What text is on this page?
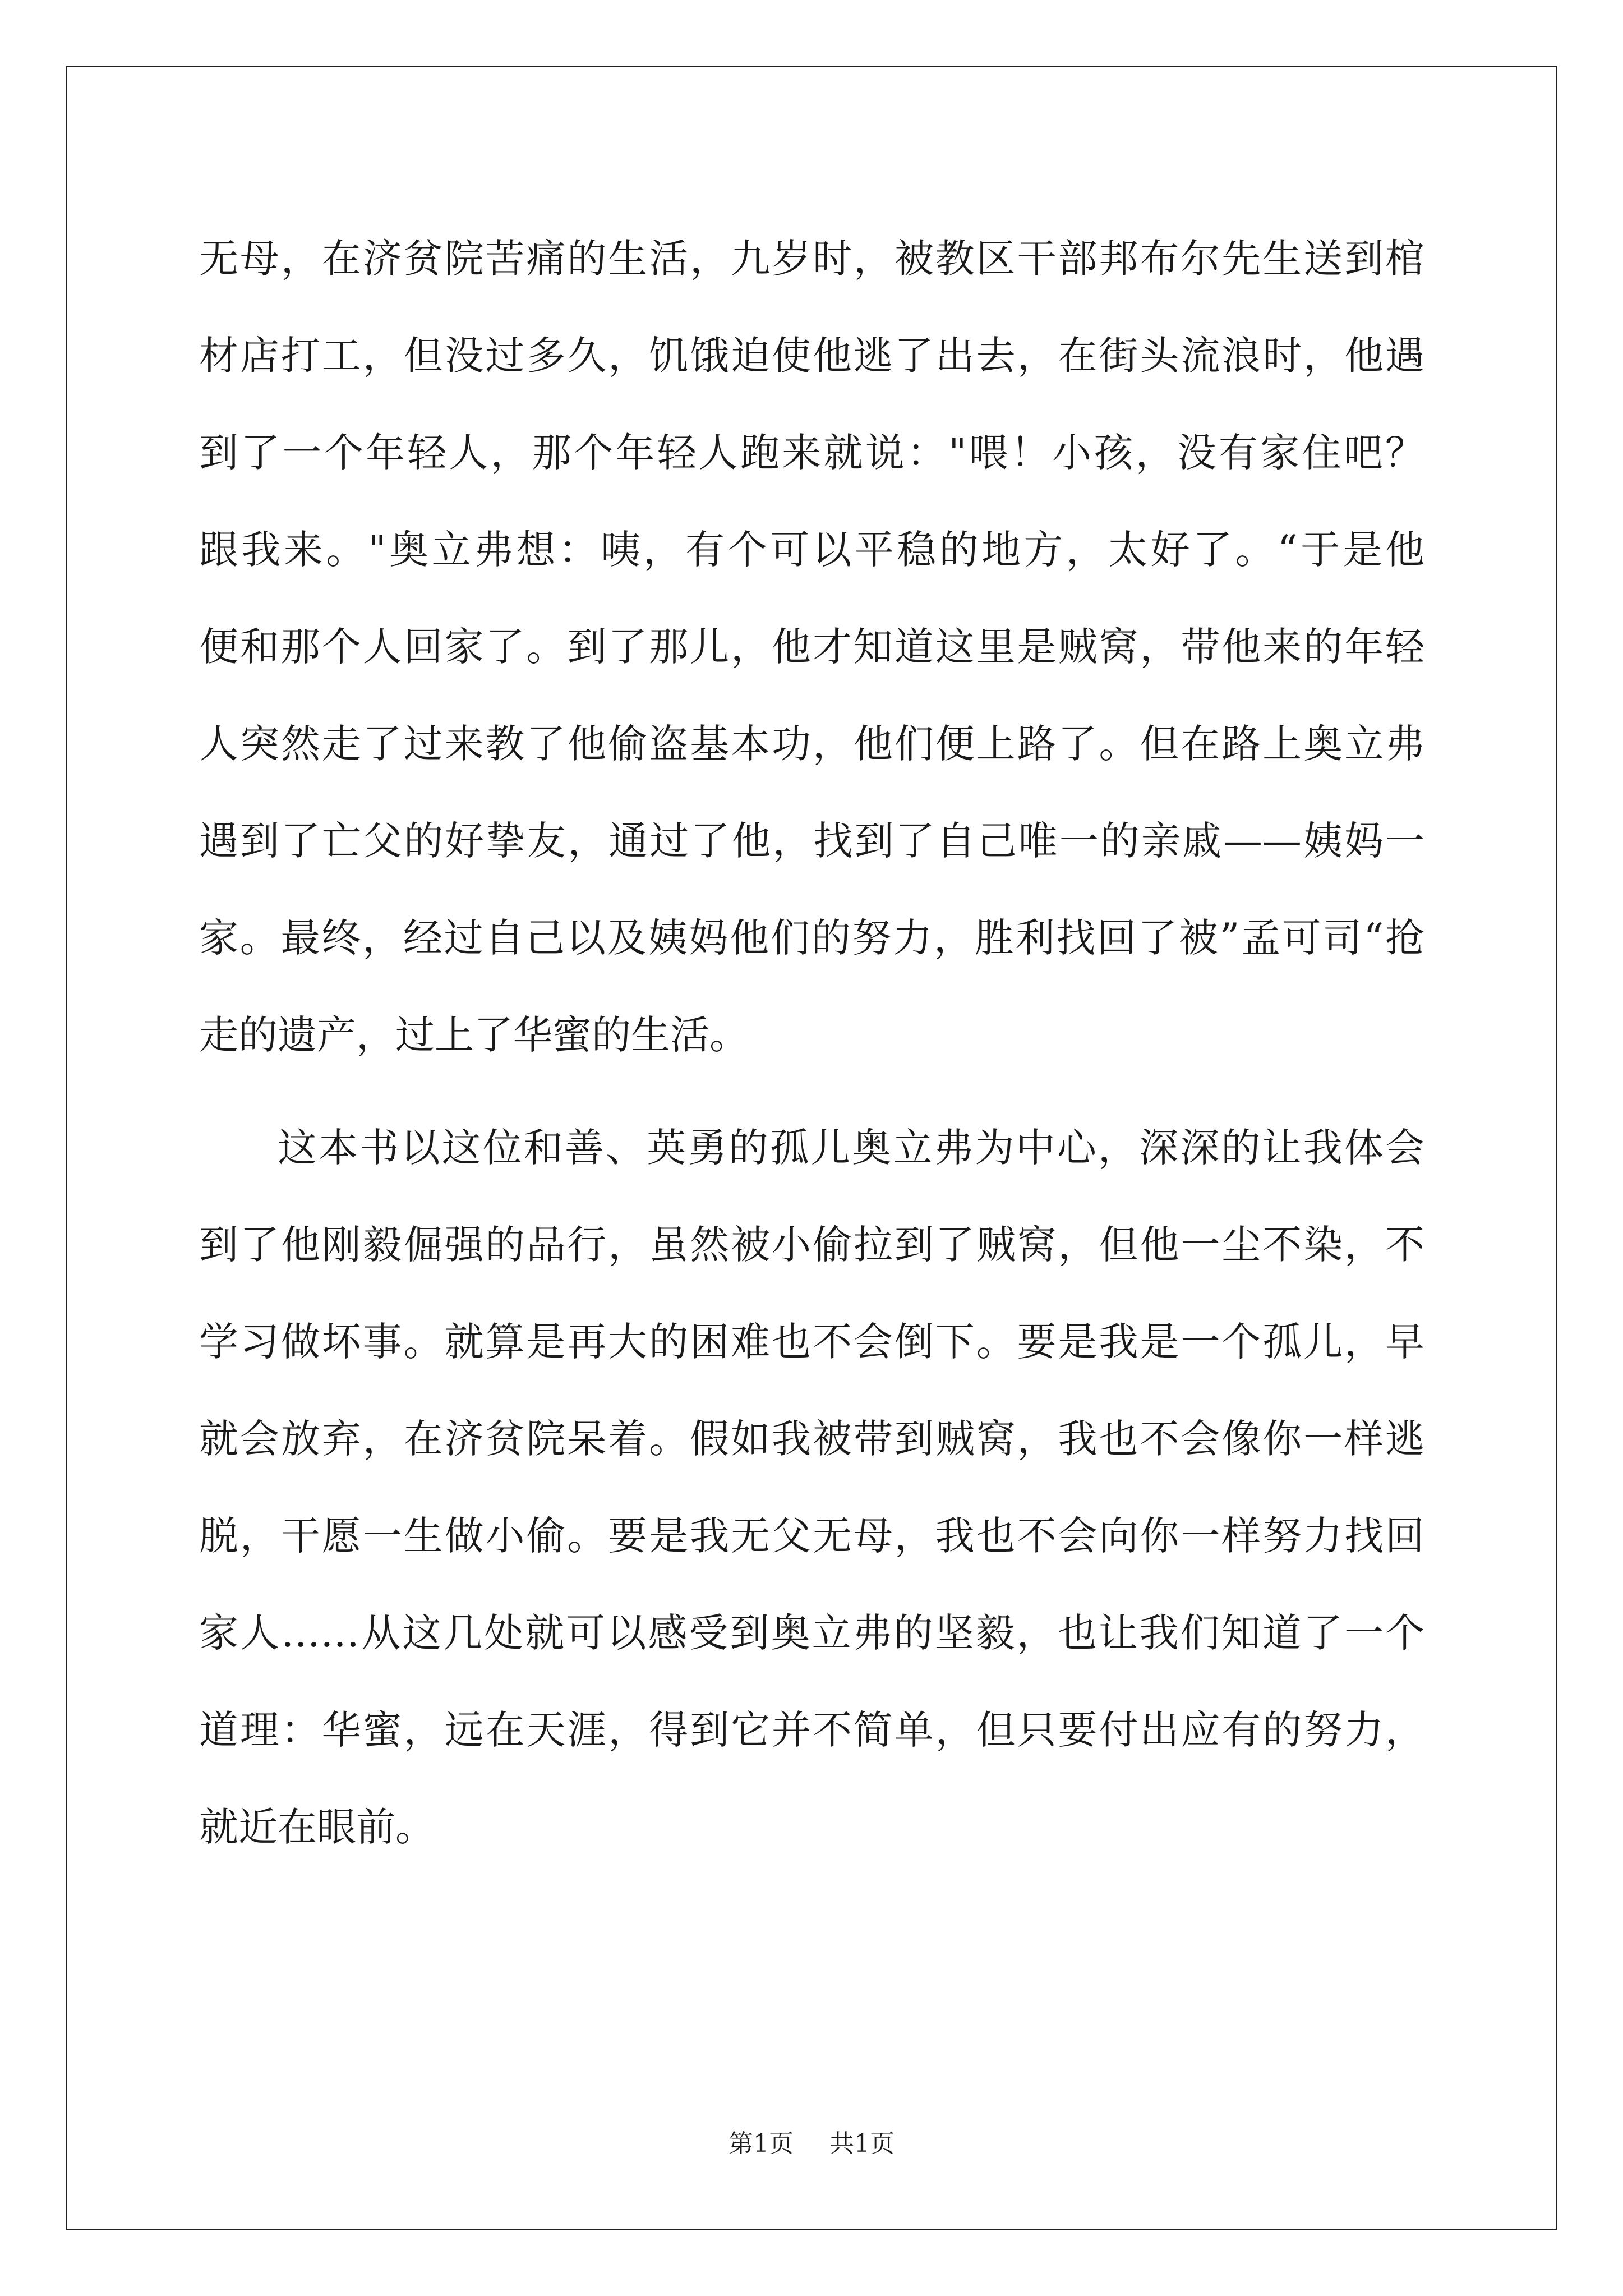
无母，在济贫院苦痛的生活，九岁时，被教区干部邦布尔先生送到棺
材店打工，但没过多久，饥饿迫使他逃了出去，在街头流浪时，他遇
到了一个年轻人，那个年轻人跑来就说："喂！小孩，没有家住吧？
跟我来。"奥立弗想：咦，有个可以平稳的地方，太好了。“于是他
便和那个人回家了。到了那儿，他才知道这里是贼窝，带他来的年轻
人突然走了过来教了他偷盗基本功，他们便上路了。但在路上奥立弗
遇到了亡父的好挚友，通过了他，找到了自己唯一的亲戚——姨妈一
家。最终，经过自己以及姨妈他们的努力，胜利找回了被”孟可司“抢
走的遗产，过上了华蜜的生活。
这本书以这位和善、英勇的孤儿奥立弗为中心，深深的让我体会
到了他刚毅倔强的品行，虽然被小偷拉到了贼窝，但他一尘不染，不
学习做坏事。就算是再大的困难也不会倒下。要是我是一个孤儿，早
就会放弃，在济贫院呆着。假如我被带到贼窝，我也不会像你一样逃
脱，干愿一生做小偷。要是我无父无母，我也不会向你一样努力找回
家人……从这几处就可以感受到奥立弗的坚毅，也让我们知道了一个
道理：华蜜，远在天涯，得到它并不简单，但只要付出应有的努力，
就近在眼前。
第1页 共1页
